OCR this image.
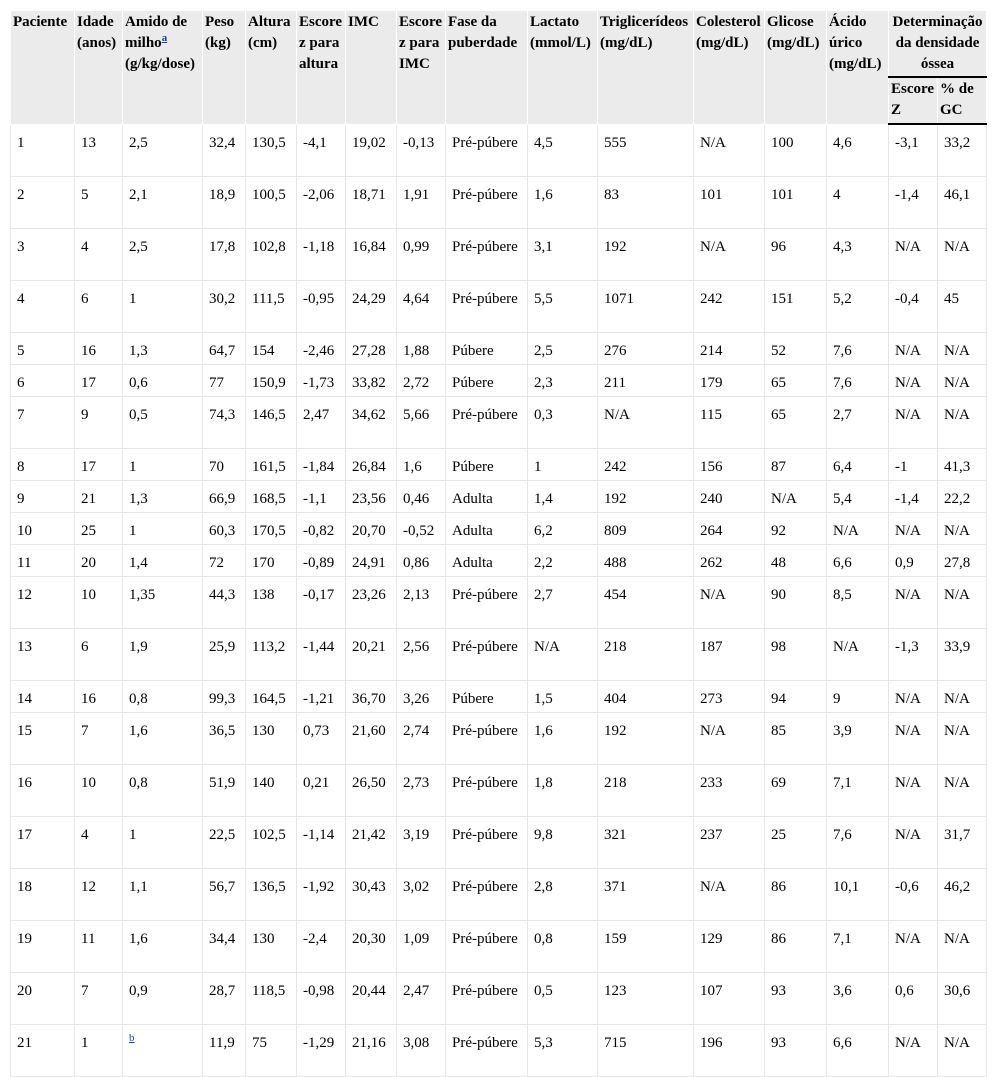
Paciente	Idade (anos)	Amido de milho$^a$ (g/kg/dose)	Peso (kg)	Altura (cm)	Escore z para altura	IMC	Escore z para IMC	Fase da puberdade	Lactato (mmol/L)	Triglicerídeos (mg/dL)	Colesterol (mg/dL)	Glicose (mg/dL)	Ácido úrico (mg/dL)	Determinação da densidade óssea	
														Escore Z	% de GC
1	13	2,5	32,4	130,5	-4,1	19,02	-0,13	Pré-púbere	4,5	555	N/A	100	4,6	-3,1	33,2
2	5	2,1	18,9	100,5	-2,06	18,71	1,91	Pré-púbere	1,6	83	101	101	4	-1,4	46,1
3	4	2,5	17,8	102,8	-1,18	16,84	0,99	Pré-púbere	3,1	192	N/A	96	4,3	N/A	N/A
4	6	1	30,2	111,5	-0,95	24,29	4,64	Pré-púbere	5,5	1071	242	151	5,2	-0,4	45
5	16	1,3	64,7	154	-2,46	27,28	1,88	Púbere	2,5	276	214	52	7,6	N/A	N/A
6	17	0,6	77	150,9	-1,73	33,82	2,72	Púbere	2,3	211	179	65	7,6	N/A	N/A
7	9	0,5	74,3	146,5	2,47	34,62	5,66	Pré-púbere	0,3	N/A	115	65	2,7	N/A	N/A
8	17	1	70	161,5	-1,84	26,84	1,6	Púbere	1	242	156	87	6,4	-1	41,3
9	21	1,3	66,9	168,5	-1,1	23,56	0,46	Adulta	1,4	192	240	N/A	5,4	-1,4	22,2
10	25	1	60,3	170,5	-0,82	20,70	-0,52	Adulta	6,2	809	264	92	N/A	N/A	N/A
11	20	1,4	72	170	-0,89	24,91	0,86	Adulta	2,2	488	262	48	6,6	0,9	27,8
12	10	1,35	44,3	138	-0,17	23,26	2,13	Pré-púbere	2,7	454	N/A	90	8,5	N/A	N/A
13	6	1,9	25,9	113,2	-1,44	20,21	2,56	Pré-púbere	N/A	218	187	98	N/A	-1,3	33,9
14	16	0,8	99,3	164,5	-1,21	36,70	3,26	Púbere	1,5	404	273	94	9	N/A	N/A
15	7	1,6	36,5	130	0,73	21,60	2,74	Pré-púbere	1,6	192	N/A	85	3,9	N/A	N/A
16	10	0,8	51,9	140	0,21	26,50	2,73	Pré-púbere	1,8	218	233	69	7,1	N/A	N/A
17	4	1	22,5	102,5	-1,14	21,42	3,19	Pré-púbere	9,8	321	237	25	7,6	N/A	31,7
18	12	1,1	56,7	136,5	-1,92	30,43	3,02	Pré-púbere	2,8	371	N/A	86	10,1	-0,6	46,2
19	11	1,6	34,4	130	-2,4	20,30	1,09	Pré-púbere	0,8	159	129	86	7,1	N/A	N/A
20	7	0,9	28,7	118,5	-0,98	20,44	2,47	Pré-púbere	0,5	123	107	93	3,6	0,6	30,6
21	1	$^b$	11,9	75	-1,29	21,16	3,08	Pré-púbere	5,3	715	196	93	6,6	N/A	N/A
